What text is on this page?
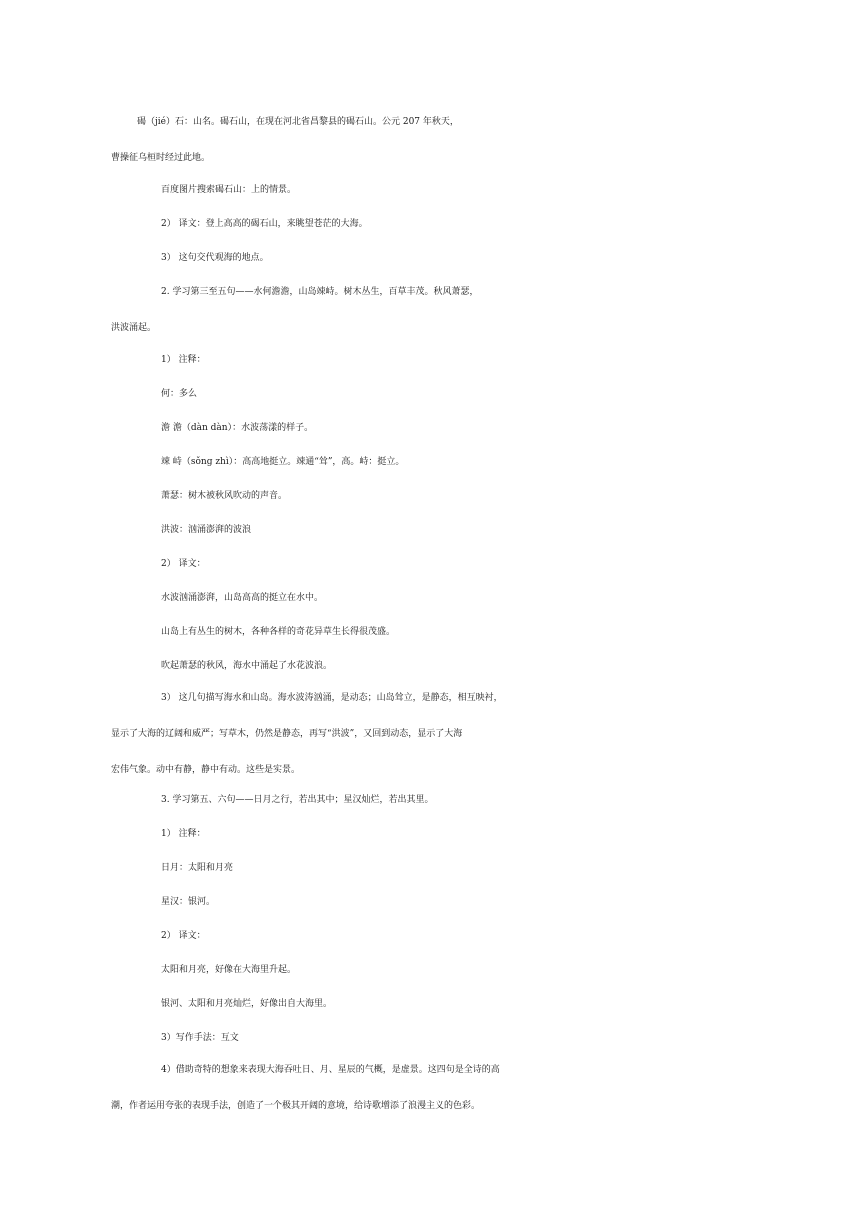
碣（jié）石：山名。碣石山，在现在河北省昌黎县的碣石山。公元 207 年秋天，
曹操征乌桓时经过此地。

百度图片搜索碣石山：上的情景。

2） 译文：登上高高的碣石山，来眺望苍茫的大海。

3） 这句交代观海的地点。

2. 学习第三至五句——水何澹澹，山岛竦峙。树木丛生，百草丰茂。秋风萧瑟，
洪波涌起。

1） 注释：

何：多么

澹 澹（dàn dàn）：水波荡漾的样子。

竦 峙（sǒng zhì）：高高地挺立。竦通“耸”，高。峙：挺立。

萧瑟：树木被秋风吹动的声音。

洪波：汹涌澎湃的波浪

2） 译文：

水波汹涌澎湃，山岛高高的挺立在水中。

山岛上有丛生的树木，各种各样的奇花异草生长得很茂盛。

吹起萧瑟的秋风，海水中涌起了水花波浪。

3） 这几句描写海水和山岛。海水波涛汹涌，是动态；山岛耸立，是静态，相互映衬，
显示了大海的辽阔和威严；写草木，仍然是静态，再写“洪波”，又回到动态，显示了大海
宏伟气象。动中有静，静中有动。这些是实景。

3. 学习第五、六句——日月之行，若出其中；星汉灿烂，若出其里。

1） 注释：

日月：太阳和月亮

星汉：银河。

2） 译文：

太阳和月亮，好像在大海里升起。

银河、太阳和月亮灿烂，好像出自大海里。

3）写作手法：互文

4）借助奇特的想象来表现大海吞吐日、月、星辰的气概，是虚景。这四句是全诗的高
潮，作者运用夸张的表现手法，创造了一个极其开阔的意境，给诗歌增添了浪漫主义的色彩。
